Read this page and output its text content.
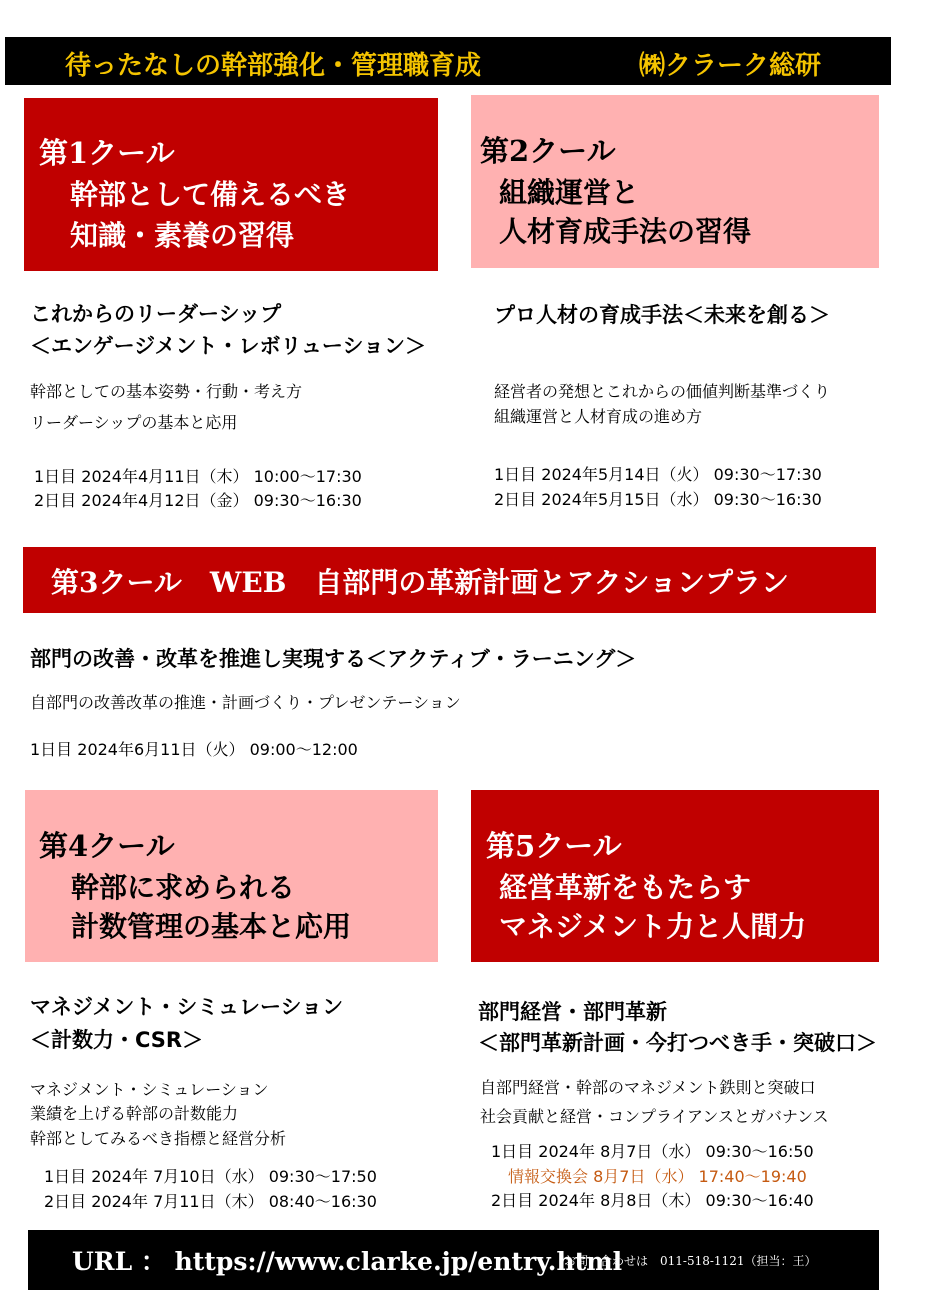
待ったなしの幹部強化・管理職育成	㈱クラーク総研
第1クール
幹部として備えるべき
知識・素養の習得
これからのリーダーシップ
＜エンゲージメント・レボリューション＞
幹部としての基本姿勢・行動・考え方
リーダーシップの基本と応用
1日目 2024年4月11日（木） 10:00～17:30
2日目 2024年4月12日（金） 09:30～16:30
第2クール
組織運営と
人材育成手法の習得
プロ人材の育成手法＜未来を創る＞
経営者の発想とこれからの価値判断基準づくり
組織運営と人材育成の進め方
1日目 2024年5月14日（火） 09:30～17:30
2日目 2024年5月15日（水） 09:30～16:30
第3クール　WEB　自部門の革新計画とアクションプラン
部門の改善・改革を推進し実現する＜アクティブ・ラーニング＞
自部門の改善改革の推進・計画づくり・プレゼンテーション
1日目 2024年6月11日（火） 09:00～12:00
第4クール
幹部に求められる
計数管理の基本と応用
マネジメント・シミュレーション
＜計数力・CSR＞
マネジメント・シミュレーション
業績を上げる幹部の計数能力
幹部としてみるべき指標と経営分析
1日目 2024年 7月10日（水） 09:30～17:50
2日目 2024年 7月11日（木） 08:40～16:30
第5クール
経営革新をもたらす
マネジメント力と人間力
部門経営・部門革新
＜部門革新計画・今打つべき手・突破口＞
自部門経営・幹部のマネジメント鉄則と突破口
社会貢献と経営・コンプライアンスとガバナンス
1日目 2024年 8月7日（水） 09:30～16:50
情報交換会 8月7日（水） 17:40～19:40
2日目 2024年 8月8日（木） 09:30～16:40
URL ： https://www.clarke.jp/entry.html
お問い合わせは　011-518-1121（担当：王）
